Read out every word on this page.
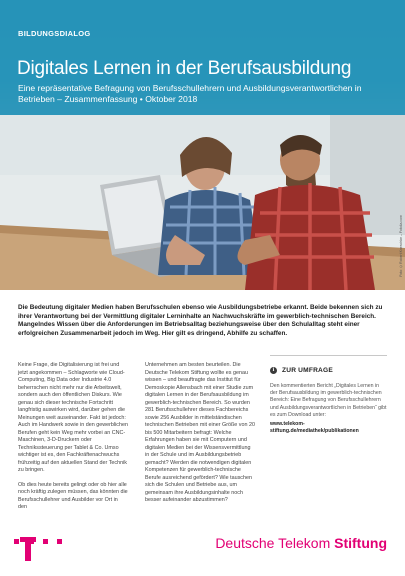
BILDUNGSDIALOG
Digitales Lernen in der Berufsausbildung
Eine repräsentative Befragung von Berufsschullehrern und Ausbildungsverantwortlichen in Betrieben – Zusammenfassung • Oktober 2018
Foto: ©Robert Kneschke – Fotolia.com
Die Bedeutung digitaler Medien haben Berufsschulen ebenso wie Ausbildungsbetriebe erkannt. Beide bekennen sich zu ihrer Verantwortung bei der Vermittlung digitaler Lerninhalte an Nachwuchskräfte im gewerblich-technischen Bereich. Mangelndes Wissen über die Anforderungen im Betriebsalltag beziehungsweise über den Schulalltag steht einer erfolgreichen Zusammenarbeit jedoch im Weg. Hier gilt es dringend, Abhilfe zu schaffen.

Keine Frage, die Digitalisierung ist frei und jetzt angekommen – Schlagworte wie Cloud-Computing, Big Data oder Industrie 4.0 beherrschen nicht mehr nur die Arbeitswelt, sondern auch den öffentlichen Diskurs. Wie genau sich dieser technische Fortschritt langfristig auswirken wird, darüber gehen die Meinungen weit auseinander. Fakt ist jedoch: Auch im Handwerk sowie in den gewerblichen Berufen geht kein Weg mehr vorbei an CNC-Maschinen, 3-D-Druckern oder Technikssteuerung per Tablet & Co. Umso wichtiger ist es, den Fachkräftenachwuchs frühzeitig auf den aktuellen Stand der Technik zu bringen.

Ob dies heute bereits gelingt oder ob hier alle noch kräftig zulegen müssen, das könnten die Berufsschullehrer und Ausbilder vor Ort in den

Unternehmen am besten beurteilen. Die Deutsche Telekom Stiftung wollte es genau wissen – und beauftragte das Institut für Demoskopie Allensbach mit einer Studie zum digitalen Lernen in der Berufsausbildung im gewerblich-technischen Bereich. So wurden 281 Berufsschullehrer dieses Fachbereichs sowie 256 Ausbilder in mittelständischen technischen Betrieben mit einer Größe von 20 bis 500 Mitarbeitern befragt: Welche Erfahrungen haben sie mit Computern und digitalen Medien bei der Wissensvermittlung in der Schule und im Ausbildungsbetrieb gemacht? Werden die notwendigen digitalen Kompetenzen für gewerblich-technische Berufe ausreichend gefördert? Wie tauschen sich die Schulen und Betriebe aus, um gemeinsam ihre Ausbildungsinhalte noch besser aufeinander abzustimmen?

i	ZUR UMFRAGE
Den kommentierten Bericht „Digitales Lernen in der Berufsausbildung im gewerblich-technischen Bereich: Eine Befragung von Berufsschullehrern und Ausbildungsverantwortlichen in Betrieben“ gibt es zum Download unter:
www.telekom-stiftung.de/mediathek/publikationen
Deutsche Telekom Stiftung
